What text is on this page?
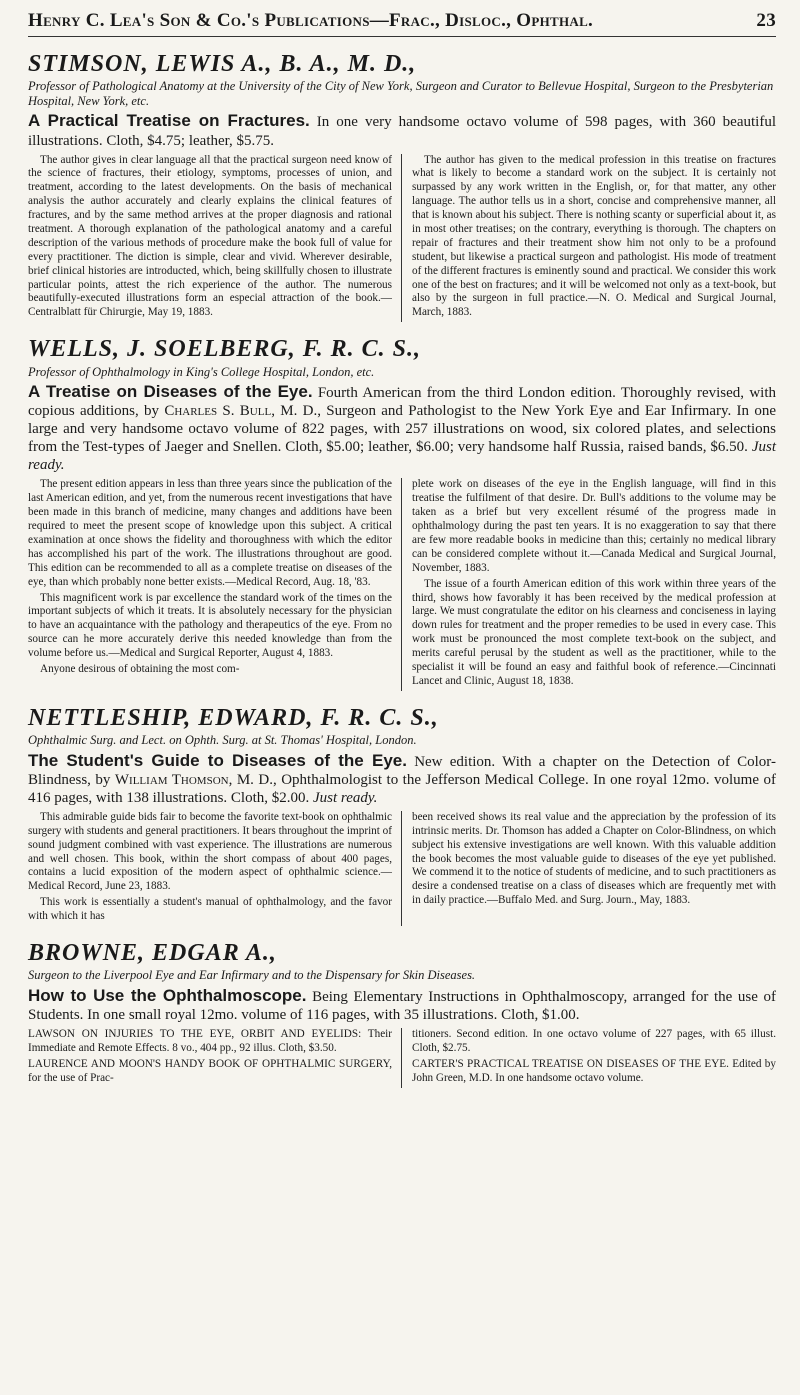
Henry C. Lea's Son & Co.'s Publications—Frac., Disloc., Ophthal.	23
STIMSON, LEWIS A., B. A., M. D.,
Professor of Pathological Anatomy at the University of the City of New York, Surgeon and Curator to Bellevue Hospital, Surgeon to the Presbyterian Hospital, New York, etc.
A Practical Treatise on Fractures. In one very handsome octavo volume of 598 pages, with 360 beautiful illustrations. Cloth, $4.75; leather, $5.75.

The author gives in clear language all that the practical surgeon need know of the science of fractures, their etiology, symptoms, processes of union, and treatment, according to the latest developments. On the basis of mechanical analysis the author accurately and clearly explains the clinical features of fractures, and by the same method arrives at the proper diagnosis and rational treatment. A thorough explanation of the pathological anatomy and a careful description of the various methods of procedure make the book full of value for every practitioner. The diction is simple, clear and vivid. Wherever desirable, brief clinical histories are introducted, which, being skillfully chosen to illustrate particular points, attest the rich experience of the author. The numerous beautifully-executed illustrations form an especial attraction of the book.—Centralblatt für Chirurgie, May 19, 1883.

The author has given to the medical profession in this treatise on fractures what is likely to become a standard work on the subject. It is certainly not surpassed by any work written in the English, or, for that matter, any other language. The author tells us in a short, concise and comprehensive manner, all that is known about his subject. There is nothing scanty or superficial about it, as in most other treatises; on the contrary, everything is thorough. The chapters on repair of fractures and their treatment show him not only to be a profound student, but likewise a practical surgeon and pathologist. His mode of treatment of the different fractures is eminently sound and practical. We consider this work one of the best on fractures; and it will be welcomed not only as a text-book, but also by the surgeon in full practice.—N. O. Medical and Surgical Journal, March, 1883.

WELLS, J. SOELBERG, F. R. C. S.,
Professor of Ophthalmology in King's College Hospital, London, etc.
A Treatise on Diseases of the Eye. Fourth American from the third London edition. Thoroughly revised, with copious additions, by Charles S. Bull, M. D., Surgeon and Pathologist to the New York Eye and Ear Infirmary. In one large and very handsome octavo volume of 822 pages, with 257 illustrations on wood, six colored plates, and selections from the Test-types of Jaeger and Snellen. Cloth, $5.00; leather, $6.00; very handsome half Russia, raised bands, $6.50. Just ready.

The present edition appears in less than three years since the publication of the last American edition, and yet, from the numerous recent investigations that have been made in this branch of medicine, many changes and additions have been required to meet the present scope of knowledge upon this subject. A critical examination at once shows the fidelity and thoroughness with which the editor has accomplished his part of the work. The illustrations throughout are good. This edition can be recommended to all as a complete treatise on diseases of the eye, than which probably none better exists.—Medical Record, Aug. 18, '83.

This magnificent work is par excellence the standard work of the times on the important subjects of which it treats. It is absolutely necessary for the physician to have an acquaintance with the pathology and therapeutics of the eye. From no source can he more accurately derive this needed knowledge than from the volume before us.—Medical and Surgical Reporter, August 4, 1883.

Anyone desirous of obtaining the most com-

plete work on diseases of the eye in the English language, will find in this treatise the fulfilment of that desire. Dr. Bull's additions to the volume may be taken as a brief but very excellent résumé of the progress made in ophthalmology during the past ten years. It is no exaggeration to say that there are few more readable books in medicine than this; certainly no medical library can be considered complete without it.—Canada Medical and Surgical Journal, November, 1883.

The issue of a fourth American edition of this work within three years of the third, shows how favorably it has been received by the medical profession at large. We must congratulate the editor on his clearness and conciseness in laying down rules for treatment and the proper remedies to be used in every case. This work must be pronounced the most complete text-book on the subject, and merits careful perusal by the student as well as the practitioner, while to the specialist it will be found an easy and faithful book of reference.—Cincinnati Lancet and Clinic, August 18, 1838.

NETTLESHIP, EDWARD, F. R. C. S.,
Ophthalmic Surg. and Lect. on Ophth. Surg. at St. Thomas' Hospital, London.
The Student's Guide to Diseases of the Eye. New edition. With a chapter on the Detection of Color-Blindness, by William Thomson, M. D., Ophthalmologist to the Jefferson Medical College. In one royal 12mo. volume of 416 pages, with 138 illustrations. Cloth, $2.00. Just ready.

This admirable guide bids fair to become the favorite text-book on ophthalmic surgery with students and general practitioners. It bears throughout the imprint of sound judgment combined with vast experience. The illustrations are numerous and well chosen. This book, within the short compass of about 400 pages, contains a lucid exposition of the modern aspect of ophthalmic science.—Medical Record, June 23, 1883.

This work is essentially a student's manual of ophthalmology, and the favor with which it has

been received shows its real value and the appreciation by the profession of its intrinsic merits. Dr. Thomson has added a Chapter on Color-Blindness, on which subject his extensive investigations are well known. With this valuable addition the book becomes the most valuable guide to diseases of the eye yet published. We commend it to the notice of students of medicine, and to such practitioners as desire a condensed treatise on a class of diseases which are frequently met with in daily practice.—Buffalo Med. and Surg. Journ., May, 1883.

BROWNE, EDGAR A.,
Surgeon to the Liverpool Eye and Ear Infirmary and to the Dispensary for Skin Diseases.
How to Use the Ophthalmoscope. Being Elementary Instructions in Ophthalmoscopy, arranged for the use of Students. In one small royal 12mo. volume of 116 pages, with 35 illustrations. Cloth, $1.00.

LAWSON ON INJURIES TO THE EYE, ORBIT AND EYELIDS: Their Immediate and Remote Effects. 8 vo., 404 pp., 92 illus. Cloth, $3.50.

LAURENCE AND MOON'S HANDY BOOK OF OPHTHALMIC SURGERY, for the use of Prac-

titioners. Second edition. In one octavo volume of 227 pages, with 65 illust. Cloth, $2.75.

CARTER'S PRACTICAL TREATISE ON DISEASES OF THE EYE. Edited by John Green, M.D. In one handsome octavo volume.
